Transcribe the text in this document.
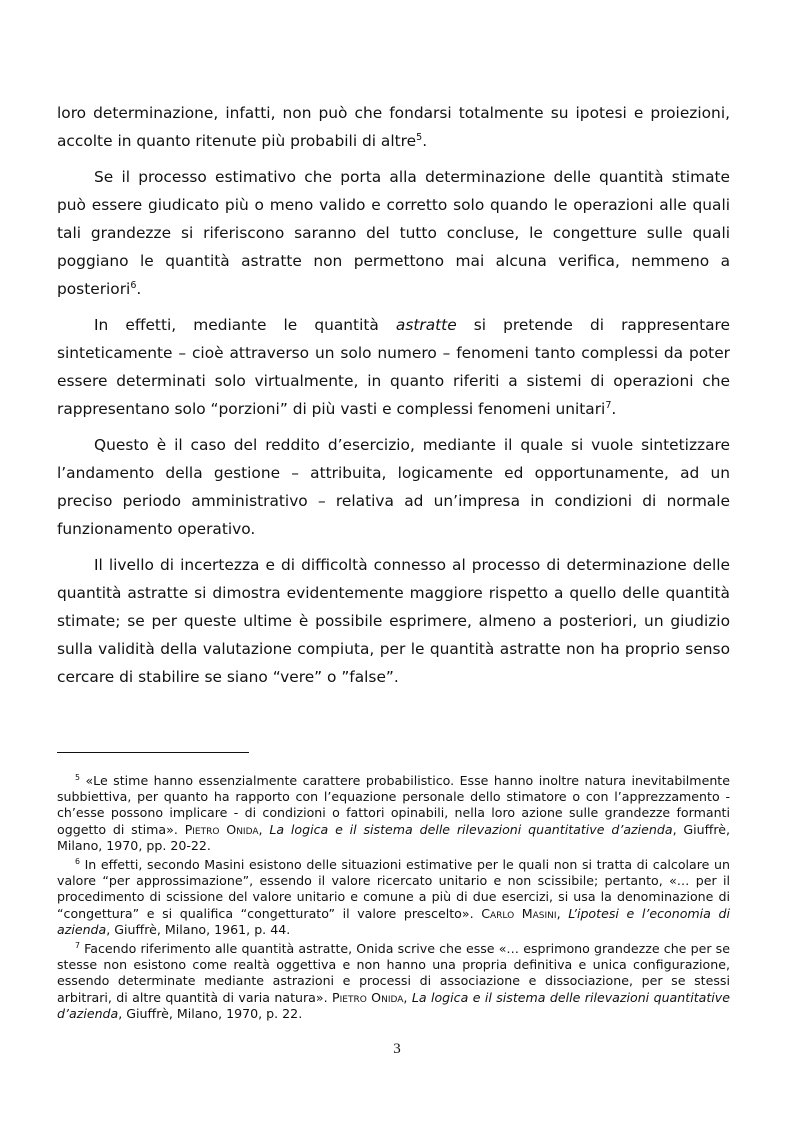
loro determinazione, infatti, non può che fondarsi totalmente su ipotesi e proiezioni, accolte in quanto ritenute più probabili di altre$^5$.

Se il processo estimativo che porta alla determinazione delle quantità stimate può essere giudicato più o meno valido e corretto solo quando le operazioni alle quali tali grandezze si riferiscono saranno del tutto concluse, le congetture sulle quali poggiano le quantità astratte non permettono mai alcuna verifica, nemmeno a posteriori$^6$.

In effetti, mediante le quantità astratte si pretende di rappresentare sinteticamente – cioè attraverso un solo numero – fenomeni tanto complessi da poter essere determinati solo virtualmente, in quanto riferiti a sistemi di operazioni che rappresentano solo “porzioni” di più vasti e complessi fenomeni unitari$^7$.

Questo è il caso del reddito d’esercizio, mediante il quale si vuole sintetizzare l’andamento della gestione – attribuita, logicamente ed opportunamente, ad un preciso periodo amministrativo – relativa ad un’impresa in condizioni di normale funzionamento operativo.

Il livello di incertezza e di difficoltà connesso al processo di determinazione delle quantità astratte si dimostra evidentemente maggiore rispetto a quello delle quantità stimate; se per queste ultime è possibile esprimere, almeno a posteriori, un giudizio sulla validità della valutazione compiuta, per le quantità astratte non ha proprio senso cercare di stabilire se siano “vere” o ”false”.

$^5$ «Le stime hanno essenzialmente carattere probabilistico. Esse hanno inoltre natura inevitabilmente subbiettiva, per quanto ha rapporto con l’equazione personale dello stimatore o con l’apprezzamento - ch’esse possono implicare - di condizioni o fattori opinabili, nella loro azione sulle grandezze formanti oggetto di stima». Pietro Onida, La logica e il sistema delle rilevazioni quantitative d’azienda, Giuffrè, Milano, 1970, pp. 20-22.

$^6$ In effetti, secondo Masini esistono delle situazioni estimative per le quali non si tratta di calcolare un valore “per approssimazione”, essendo il valore ricercato unitario e non scissibile; pertanto, «… per il procedimento di scissione del valore unitario e comune a più di due esercizi, si usa la denominazione di “congettura” e si qualifica “congetturato” il valore prescelto». Carlo Masini, L’ipotesi e l’economia di azienda, Giuffrè, Milano, 1961, p. 44.

$^7$ Facendo riferimento alle quantità astratte, Onida scrive che esse «… esprimono grandezze che per se stesse non esistono come realtà oggettiva e non hanno una propria definitiva e unica configurazione, essendo determinate mediante astrazioni e processi di associazione e dissociazione, per se stessi arbitrari, di altre quantità di varia natura». Pietro Onida, La logica e il sistema delle rilevazioni quantitative d’azienda, Giuffrè, Milano, 1970, p. 22.

3
